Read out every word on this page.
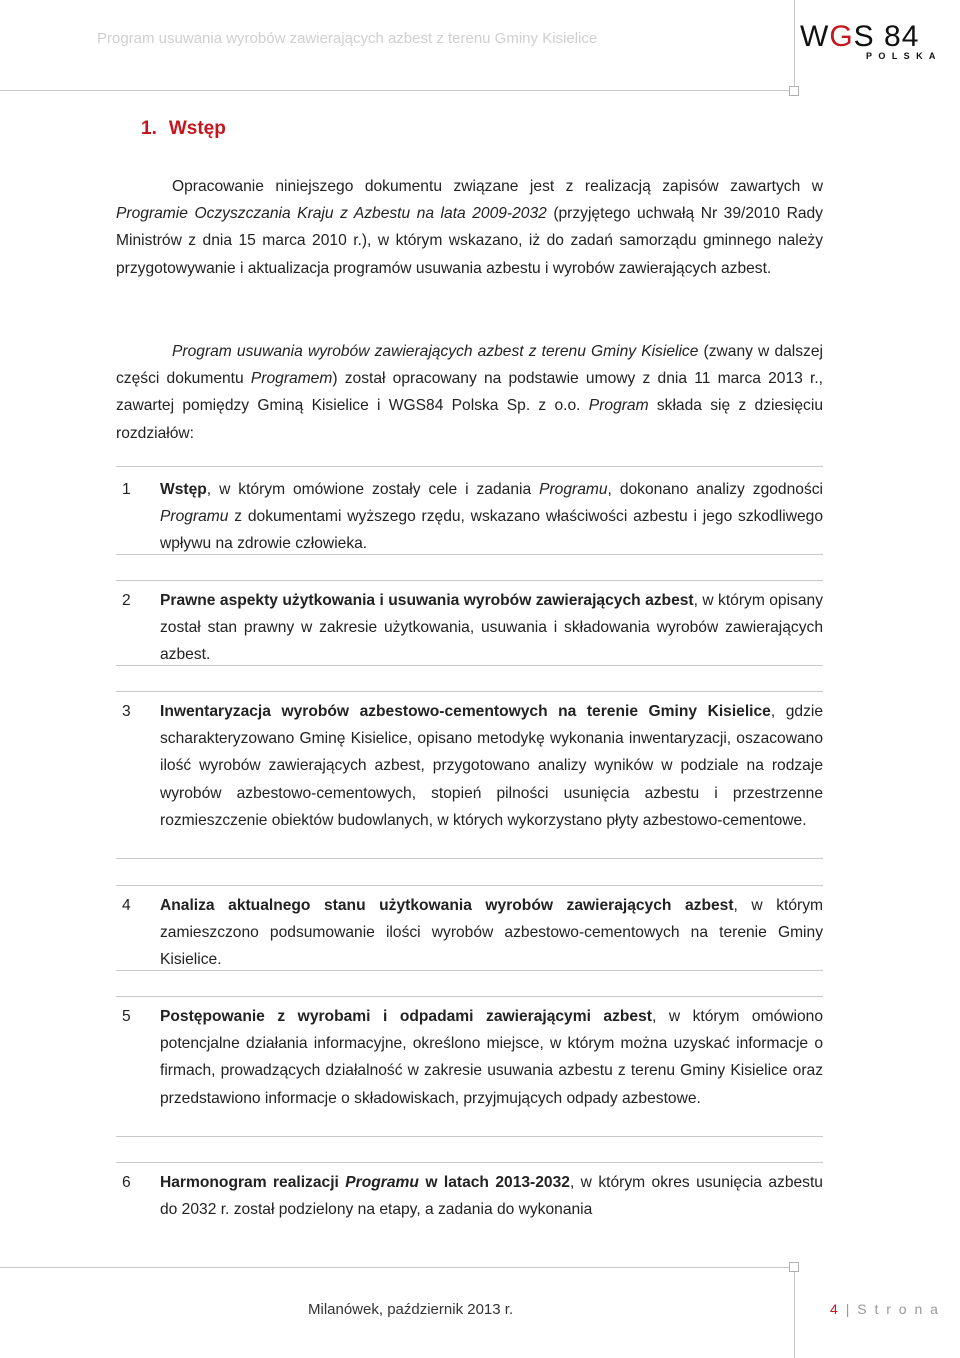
Program usuwania wyrobów zawierających azbest z terenu Gminy Kisielice	WGS 84
P O L S K A
1. Wstęp
Opracowanie niniejszego dokumentu związane jest z realizacją zapisów zawartych w Programie Oczyszczania Kraju z Azbestu na lata 2009-2032 (przyjętego uchwałą Nr 39/2010 Rady Ministrów z dnia 15 marca 2010 r.), w którym wskazano, iż do zadań samorządu gminnego należy przygotowywanie i aktualizacja programów usuwania azbestu i wyrobów zawierających azbest.
Program usuwania wyrobów zawierających azbest z terenu Gminy Kisielice (zwany w dalszej części dokumentu Programem) został opracowany na podstawie umowy z dnia 11 marca 2013 r., zawartej pomiędzy Gminą Kisielice i WGS84 Polska Sp. z o.o. Program składa się z dziesięciu rozdziałów:
1 Wstęp, w którym omówione zostały cele i zadania Programu, dokonano analizy zgodności Programu z dokumentami wyższego rzędu, wskazano właściwości azbestu i jego szkodliwego wpływu na zdrowie człowieka.
2 Prawne aspekty użytkowania i usuwania wyrobów zawierających azbest, w którym opisany został stan prawny w zakresie użytkowania, usuwania i składowania wyrobów zawierających azbest.
3 Inwentaryzacja wyrobów azbestowo-cementowych na terenie Gminy Kisielice, gdzie scharakteryzowano Gminę Kisielice, opisano metodykę wykonania inwentaryzacji, oszacowano ilość wyrobów zawierających azbest, przygotowano analizy wyników w podziale na rodzaje wyrobów azbestowo-cementowych, stopień pilności usunięcia azbestu i przestrzenne rozmieszczenie obiektów budowlanych, w których wykorzystano płyty azbestowo-cementowe.
4 Analiza aktualnego stanu użytkowania wyrobów zawierających azbest, w którym zamieszczono podsumowanie ilości wyrobów azbestowo-cementowych na terenie Gminy Kisielice.
5 Postępowanie z wyrobami i odpadami zawierającymi azbest, w którym omówiono potencjalne działania informacyjne, określono miejsce, w którym można uzyskać informacje o firmach, prowadzących działalność w zakresie usuwania azbestu z terenu Gminy Kisielice oraz przedstawiono informacje o składowiskach, przyjmujących odpady azbestowe.
6 Harmonogram realizacji Programu w latach 2013-2032, w którym okres usunięcia azbestu do 2032 r. został podzielony na etapy, a zadania do wykonania
Milanówek, październik 2013 r.	4 | S t r o n a
